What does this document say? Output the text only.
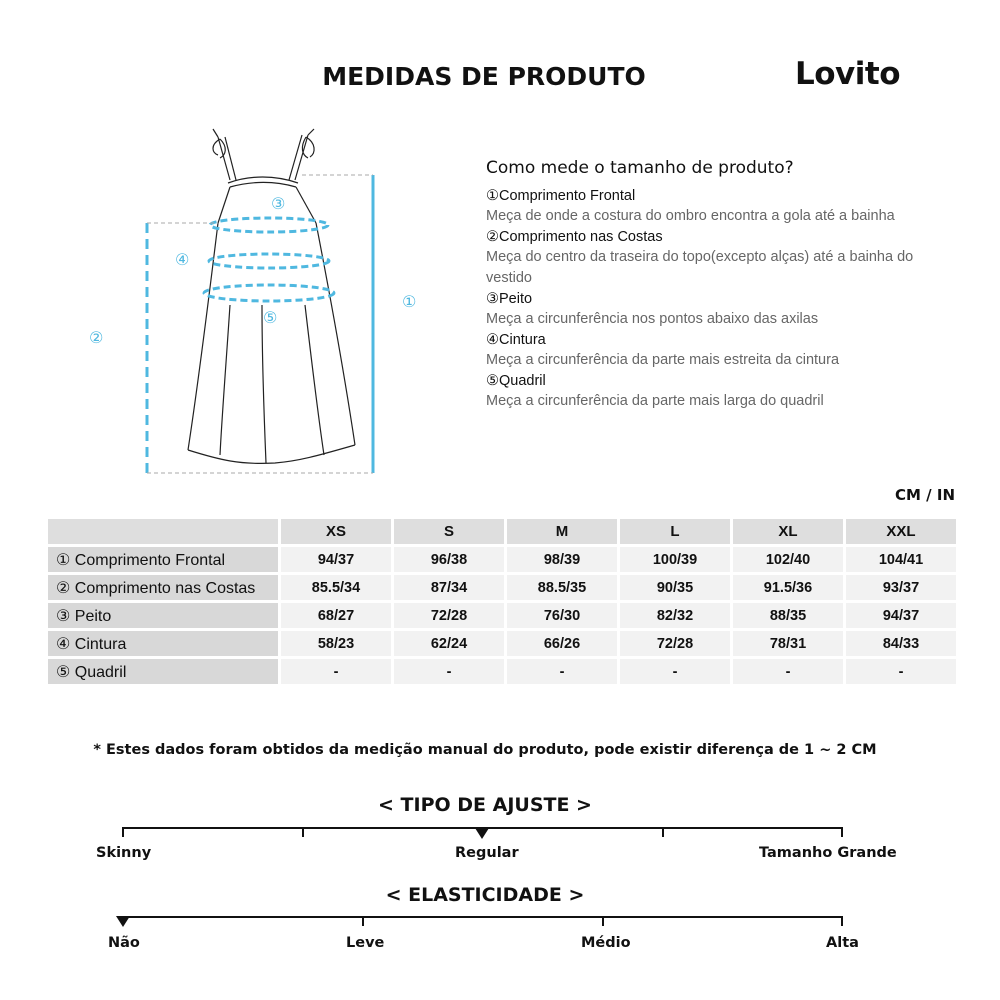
MEDIDAS DE PRODUTO	Lovito
①
②
③
④
⑤
Como mede o tamanho de produto?
①Comprimento Frontal
Meça de onde a costura do ombro encontra a gola até a bainha
②Comprimento nas Costas
Meça do centro da traseira do topo(excepto alças) até a bainha do vestido
③Peito
Meça a circunferência nos pontos abaixo das axilas
④Cintura
Meça a circunferência da parte mais estreita da cintura
⑤Quadril
Meça a circunferência da parte mais larga do quadril
CM / IN
	XS	S	M	L	XL	XXL
① Comprimento Frontal	94/37	96/38	98/39	100/39	102/40	104/41
② Comprimento nas Costas	85.5/34	87/34	88.5/35	90/35	91.5/36	93/37
③ Peito	68/27	72/28	76/30	82/32	88/35	94/37
④ Cintura	58/23	62/24	66/26	72/28	78/31	84/33
⑤ Quadril	-	-	-	-	-	-
* Estes dados foram obtidos da medição manual do produto, pode existir diferença de 1 ~ 2 CM
< TIPO DE AJUSTE >
Skinny	Regular	Tamanho Grande
< ELASTICIDADE >
Não	Leve	Médio	Alta
